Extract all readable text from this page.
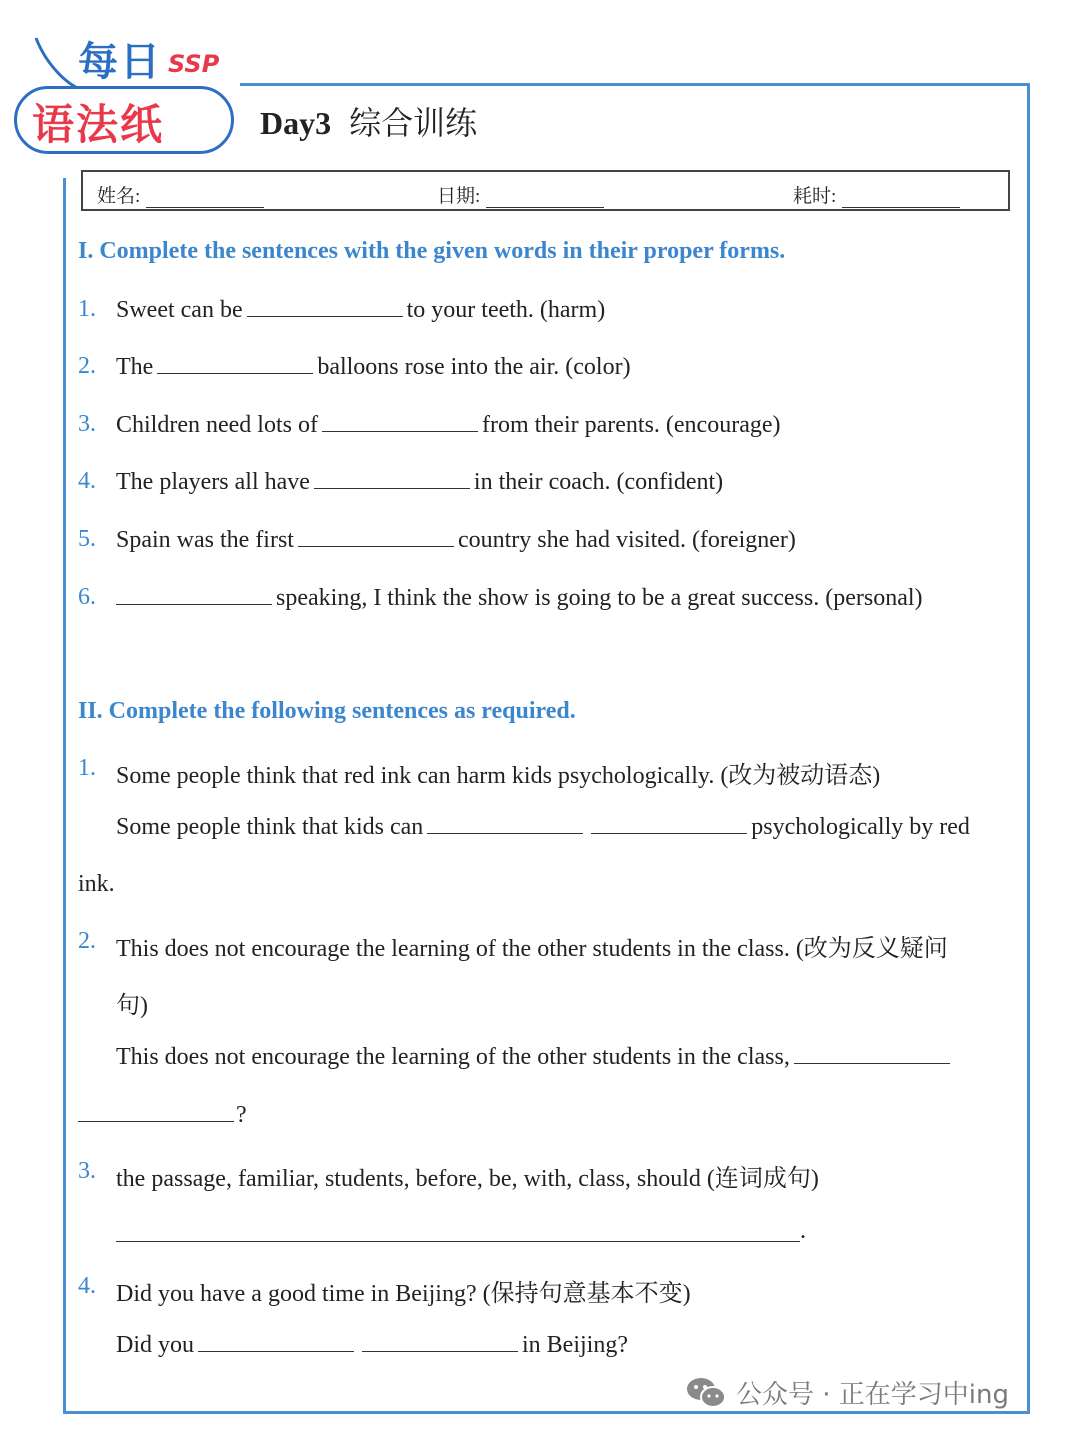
每日 SSP
语法纸	Day3 综合训练
姓名:	日期:	耗时:
I. Complete the sentences with the given words in their proper forms.
1. Sweet can be	to your teeth. (harm)
2. The	balloons rose into the air. (color)
3. Children need lots of	from their parents. (encourage)
4. The players all have	in their coach. (confident)
5. Spain was the first	country she had visited. (foreigner)
6.	speaking, I think the show is going to be a great success. (personal)
II. Complete the following sentences as required.
1. Some people think that red ink can harm kids psychologically. (改为被动语态)
Some people think that kids can	psychologically by red
ink.
2. This does not encourage the learning of the other students in the class. (改为反义疑问
句)
This does not encourage the learning of the other students in the class,
?
3. the passage, familiar, students, before, be, with, class, should (连词成句)
.
4. Did you have a good time in Beijing? (保持句意基本不变)
Did you	in Beijing?
公众号 · 正在学习中ing
